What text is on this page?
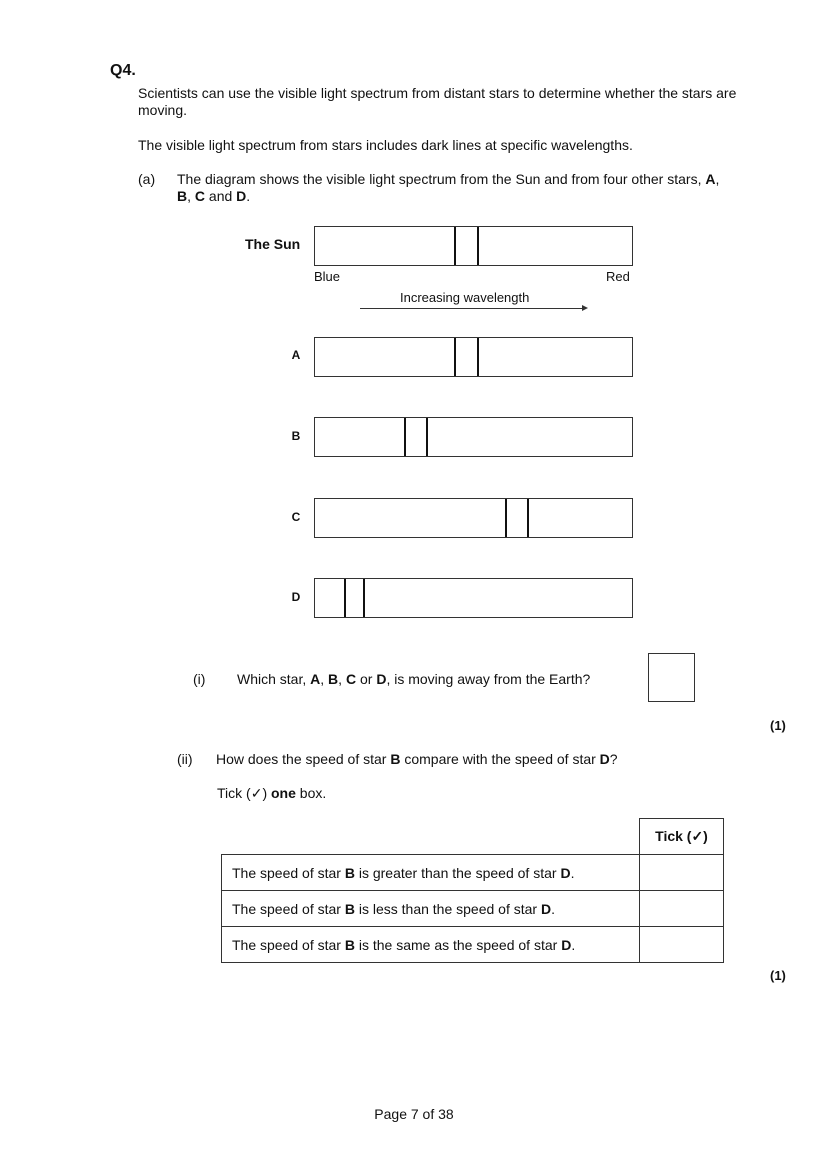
Q4.
Scientists can use the visible light spectrum from distant stars to determine whether the stars are moving.
The visible light spectrum from stars includes dark lines at specific wavelengths.
(a) The diagram shows the visible light spectrum from the Sun and from four other stars, A, B, C and D.
The Sun
Blue	Red
Increasing wavelength
A
B
C
D
(i) Which star, A, B, C or D, is moving away from the Earth?
(1)
(ii) How does the speed of star B compare with the speed of star D?
Tick (✓) one box.
	Tick (✓)
The speed of star B is greater than the speed of star D.	
The speed of star B is less than the speed of star D.	
The speed of star B is the same as the speed of star D.	
(1)
Page 7 of 38
